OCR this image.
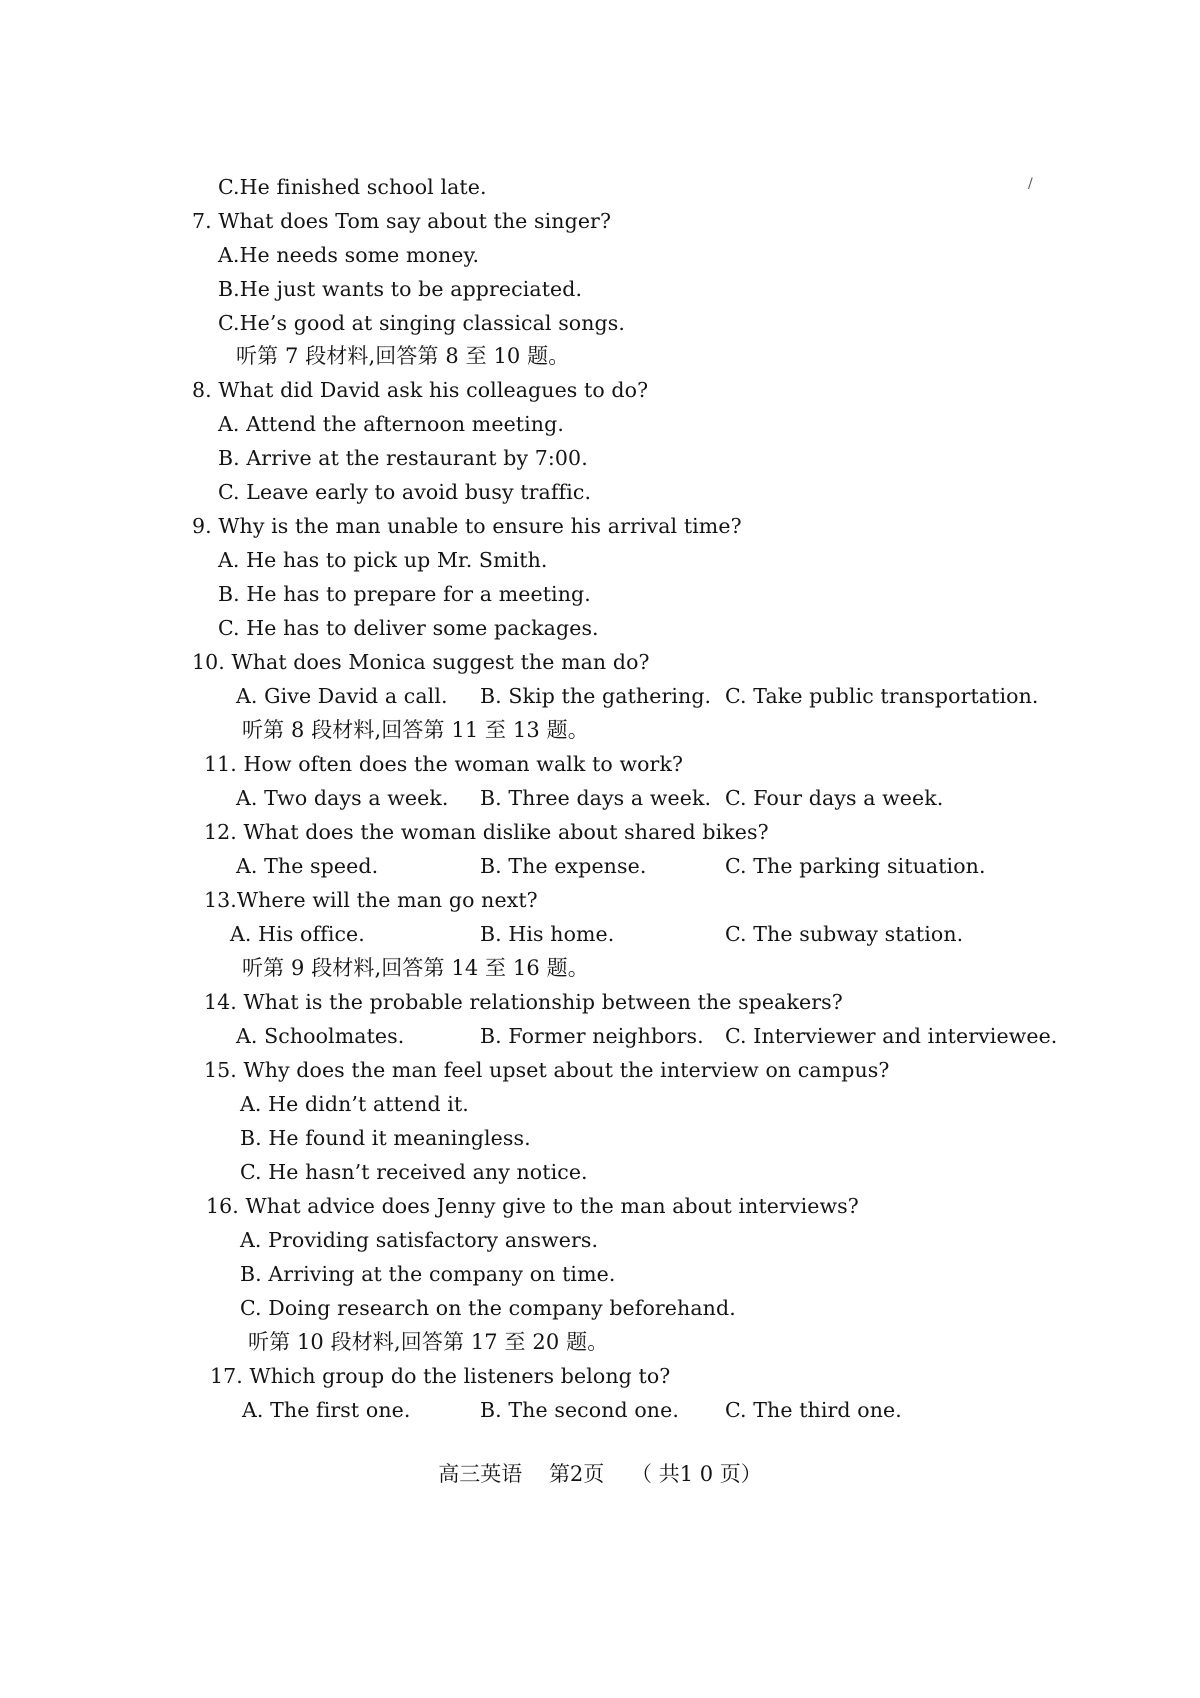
/
C.He finished school late.
7. What does Tom say about the singer?
A.He needs some money.
B.He just wants to be appreciated.
C.He’s good at singing classical songs.
听第 7 段材料,回答第 8 至 10 题。
8. What did David ask his colleagues to do?
A. Attend the afternoon meeting.
B. Arrive at the restaurant by 7:00.
C. Leave early to avoid busy traffic.
9. Why is the man unable to ensure his arrival time?
A. He has to pick up Mr. Smith.
B. He has to prepare for a meeting.
C. He has to deliver some packages.
10. What does Monica suggest the man do?
A. Give David a call. B. Skip the gathering. C. Take public transportation.
听第 8 段材料,回答第 11 至 13 题。
11. How often does the woman walk to work?
A. Two days a week. B. Three days a week. C. Four days a week.
12. What does the woman dislike about shared bikes?
A. The speed.	B. The expense.	C. The parking situation.
13.Where will the man go next?
A. His office.	B. His home.	C. The subway station.
听第 9 段材料,回答第 14 至 16 题。
14. What is the probable relationship between the speakers?
A. Schoolmates.	B. Former neighbors. C. Interviewer and interviewee.
15. Why does the man feel upset about the interview on campus?
A. He didn’t attend it.
B. He found it meaningless.
C. He hasn’t received any notice.
16. What advice does Jenny give to the man about interviews?
A. Providing satisfactory answers.
B. Arriving at the company on time.
C. Doing research on the company beforehand.
听第 10 段材料,回答第 17 至 20 题。
17. Which group do the listeners belong to?
A. The first one.	B. The second one. C. The third one.
高三英语 第2页 （ 共1 0 页）
